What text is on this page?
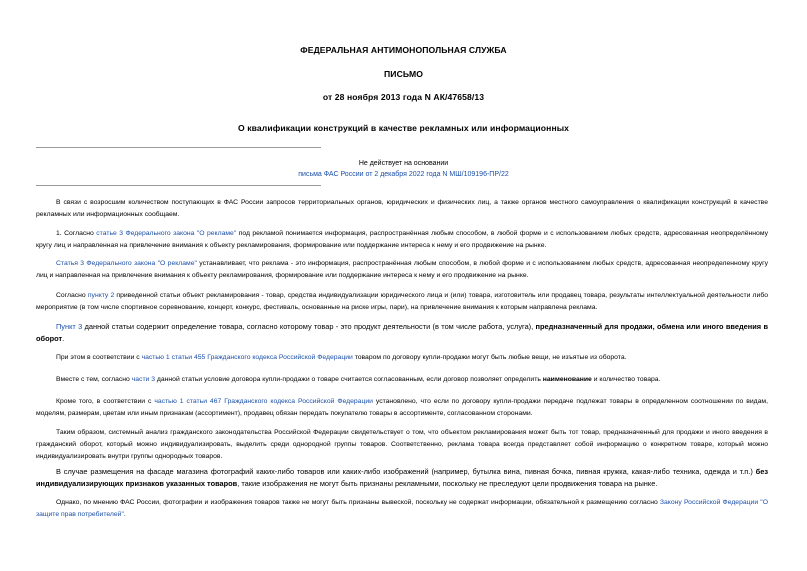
ФЕДЕРАЛЬНАЯ АНТИМОНОПОЛЬНАЯ СЛУЖБА
ПИСЬМО
от 28 ноября 2013 года N АК/47658/13
О квалификации конструкций в качестве рекламных или информационных
Не действует на основании
письма ФАС России от 2 декабря 2022 года N МШ/109196-ПР/22

В связи с возросшим количеством поступающих в ФАС России запросов территориальных органов, юридических и физических лиц, а также органов местного самоуправления о квалификации конструкций в качестве рекламных или информационных сообщаем.

1. Согласно статье 3 Федерального закона "О рекламе" под рекламой понимается информация, распространённая любым способом, в любой форме и с использованием любых средств, адресованная неопределённому кругу лиц и направленная на привлечение внимания к объекту рекламирования, формирование или поддержание интереса к нему и его продвижение на рынке.

Статья 3 Федерального закона "О рекламе" устанавливает, что реклама - это информация, распространённая любым способом, в любой форме и с использованием любых средств, адресованная неопределенному кругу лиц и направленная на привлечение внимания к объекту рекламирования, формирование или поддержание интереса к нему и его продвижение на рынке.

Согласно пункту 2 приведенной статьи объект рекламирования - товар, средства индивидуализации юридического лица и (или) товара, изготовитель или продавец товара, результаты интеллектуальной деятельности либо мероприятие (в том числе спортивное соревнование, концерт, конкурс, фестиваль, основанные на риске игры, пари), на привлечение внимания к которым направлена реклама.

Пункт 3 данной статьи содержит определение товара, согласно которому товар - это продукт деятельности (в том числе работа, услуга), предназначенный для продажи, обмена или иного введения в оборот.

При этом в соответствии с частью 1 статьи 455 Гражданского кодекса Российской Федерации товаром по договору купли-продажи могут быть любые вещи, не изъятые из оборота.

Вместе с тем, согласно части 3 данной статьи условие договора купли-продажи о товаре считается согласованным, если договор позволяет определить наименование и количество товара.

Кроме того, в соответствии с частью 1 статьи 467 Гражданского кодекса Российской Федерации установлено, что если по договору купли-продажи передаче подлежат товары в определенном соотношении по видам, моделям, размерам, цветам или иным признакам (ассортимент), продавец обязан передать покупателю товары в ассортименте, согласованном сторонами.

Таким образом, системный анализ гражданского законодательства Российской Федерации свидетельствует о том, что объектом рекламирования может быть тот товар, предназначенный для продажи и иного введения в гражданский оборот, который можно индивидуализировать, выделить среди однородной группы товаров. Соответственно, реклама товара всегда представляет собой информацию о конкретном товаре, который можно индивидуализировать внутри группы однородных товаров.

В случае размещения на фасаде магазина фотографий каких-либо товаров или каких-либо изображений (например, бутылка вина, пивная бочка, пивная кружка, какая-либо техника, одежда и т.п.) без индивидуализирующих признаков указанных товаров, такие изображения не могут быть признаны рекламными, поскольку не преследуют цели продвижения товара на рынке.

Однако, по мнению ФАС России, фотографии и изображения товаров также не могут быть признаны вывеской, поскольку не содержат информации, обязательной к размещению согласно Закону Российской Федерации "О защите прав потребителей".
